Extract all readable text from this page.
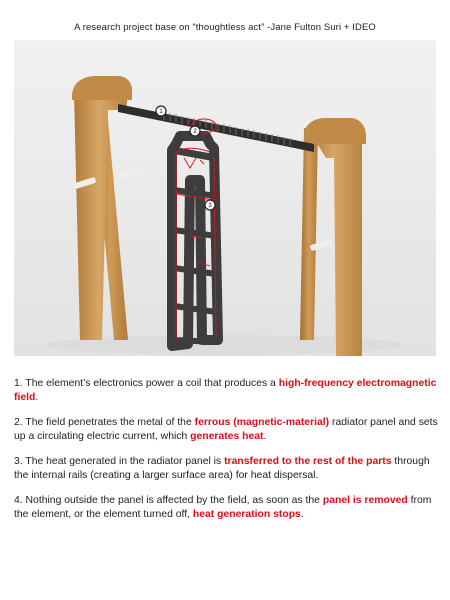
A research project base on “thoughtless act” -Jane Fulton Suri + IDEO
1
2
3

1. The element’s electronics power a coil that produces a high-frequency electromagnetic field.

2. The field penetrates the metal of the ferrous (magnetic-material) radiator panel and sets up a circulating electric current, which generates heat.

3. The heat generated in the radiator panel is transferred to the rest of the parts through the internal rails (creating a larger surface area) for heat dispersal.

4. Nothing outside the panel is affected by the field, as soon as the panel is removed from the element, or the element turned off, heat generation stops.
